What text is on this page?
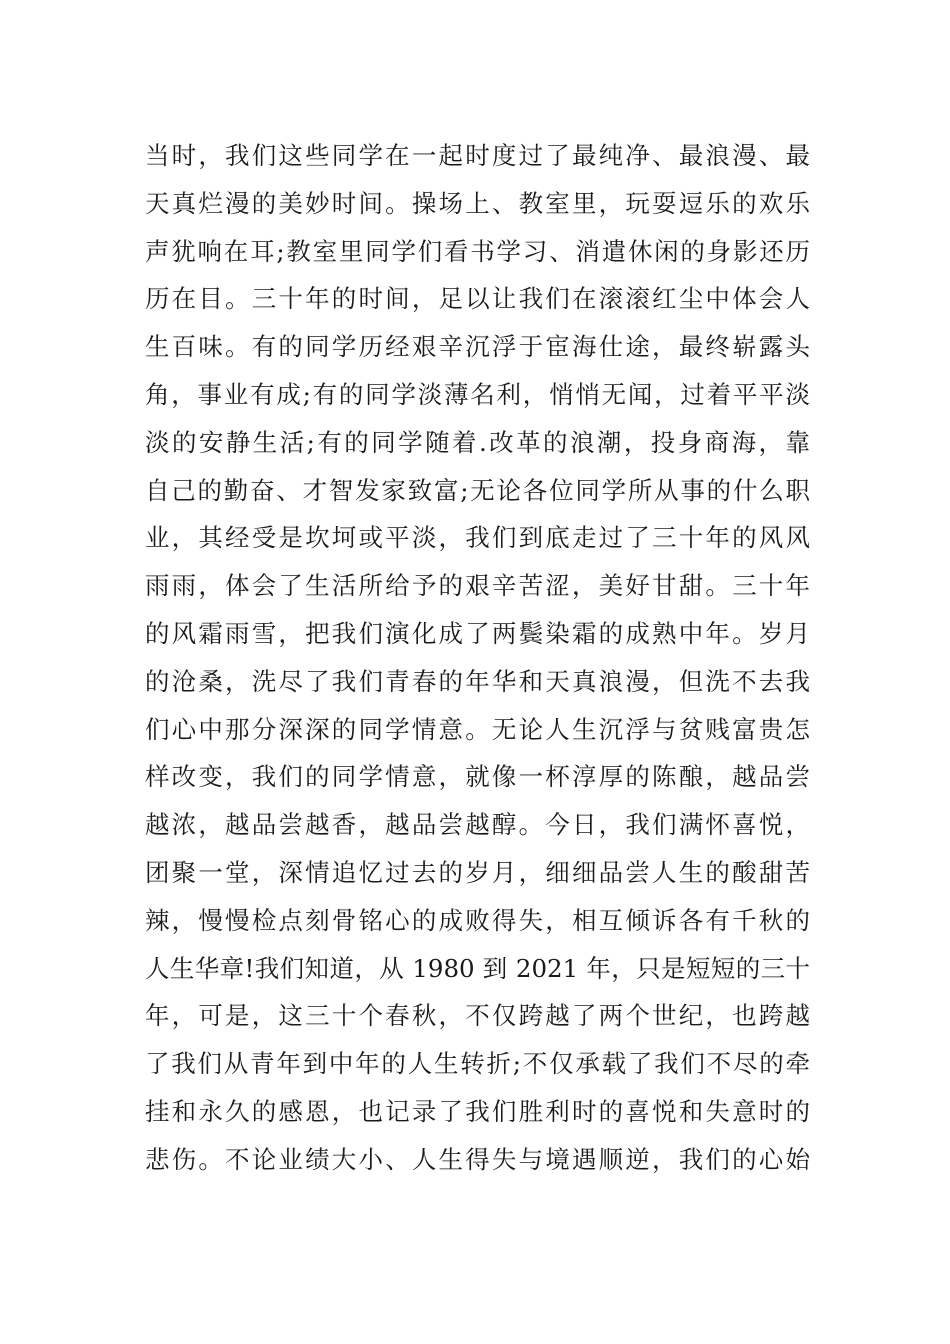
当时，我们这些同学在一起时度过了最纯净、最浪漫、最
天真烂漫的美妙时间。操场上、教室里，玩耍逗乐的欢乐
声犹响在耳;教室里同学们看书学习、消遣休闲的身影还历
历在目。三十年的时间，足以让我们在滚滚红尘中体会人
生百味。有的同学历经艰辛沉浮于宦海仕途，最终崭露头
角，事业有成;有的同学淡薄名利，悄悄无闻，过着平平淡
淡的安静生活;有的同学随着.改革的浪潮，投身商海，靠
自己的勤奋、才智发家致富;无论各位同学所从事的什么职
业，其经受是坎坷或平淡，我们到底走过了三十年的风风
雨雨，体会了生活所给予的艰辛苦涩，美好甘甜。三十年
的风霜雨雪，把我们演化成了两鬓染霜的成熟中年。岁月
的沧桑，洗尽了我们青春的年华和天真浪漫，但洗不去我
们心中那分深深的同学情意。无论人生沉浮与贫贱富贵怎
样改变，我们的同学情意，就像一杯淳厚的陈酿，越品尝
越浓，越品尝越香，越品尝越醇。今日，我们满怀喜悦，
团聚一堂，深情追忆过去的岁月，细细品尝人生的酸甜苦
辣，慢慢检点刻骨铭心的成败得失，相互倾诉各有千秋的
人生华章!我们知道，从 1980 到 2021 年，只是短短的三十
年，可是，这三十个春秋，不仅跨越了两个世纪，也跨越
了我们从青年到中年的人生转折;不仅承载了我们不尽的牵
挂和永久的感恩，也记录了我们胜利时的喜悦和失意时的
悲伤。不论业绩大小、人生得失与境遇顺逆，我们的心始
